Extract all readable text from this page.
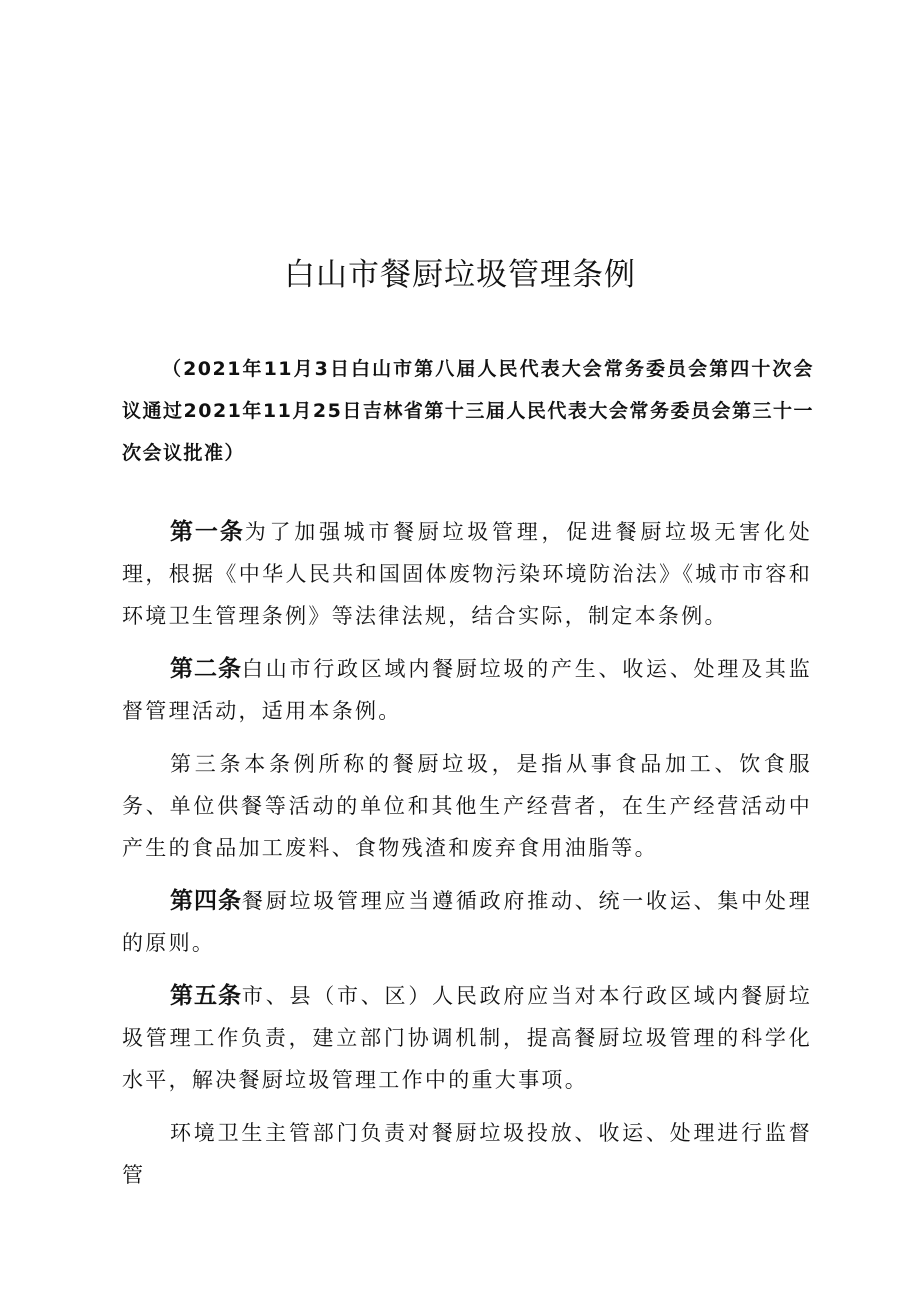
白山市餐厨垃圾管理条例

（2021年11月3日白山市第八届人民代表大会常务委员会第四十次会议通过2021年11月25日吉林省第十三届人民代表大会常务委员会第三十一次会议批准）

第一条为了加强城市餐厨垃圾管理，促进餐厨垃圾无害化处理，根据《中华人民共和国固体废物污染环境防治法》《城市市容和环境卫生管理条例》等法律法规，结合实际，制定本条例。

第二条白山市行政区域内餐厨垃圾的产生、收运、处理及其监督管理活动，适用本条例。

第三条本条例所称的餐厨垃圾，是指从事食品加工、饮食服务、单位供餐等活动的单位和其他生产经营者，在生产经营活动中产生的食品加工废料、食物残渣和废弃食用油脂等。

第四条餐厨垃圾管理应当遵循政府推动、统一收运、集中处理的原则。

第五条市、县（市、区）人民政府应当对本行政区域内餐厨垃圾管理工作负责，建立部门协调机制，提高餐厨垃圾管理的科学化水平，解决餐厨垃圾管理工作中的重大事项。

环境卫生主管部门负责对餐厨垃圾投放、收运、处理进行监督管
